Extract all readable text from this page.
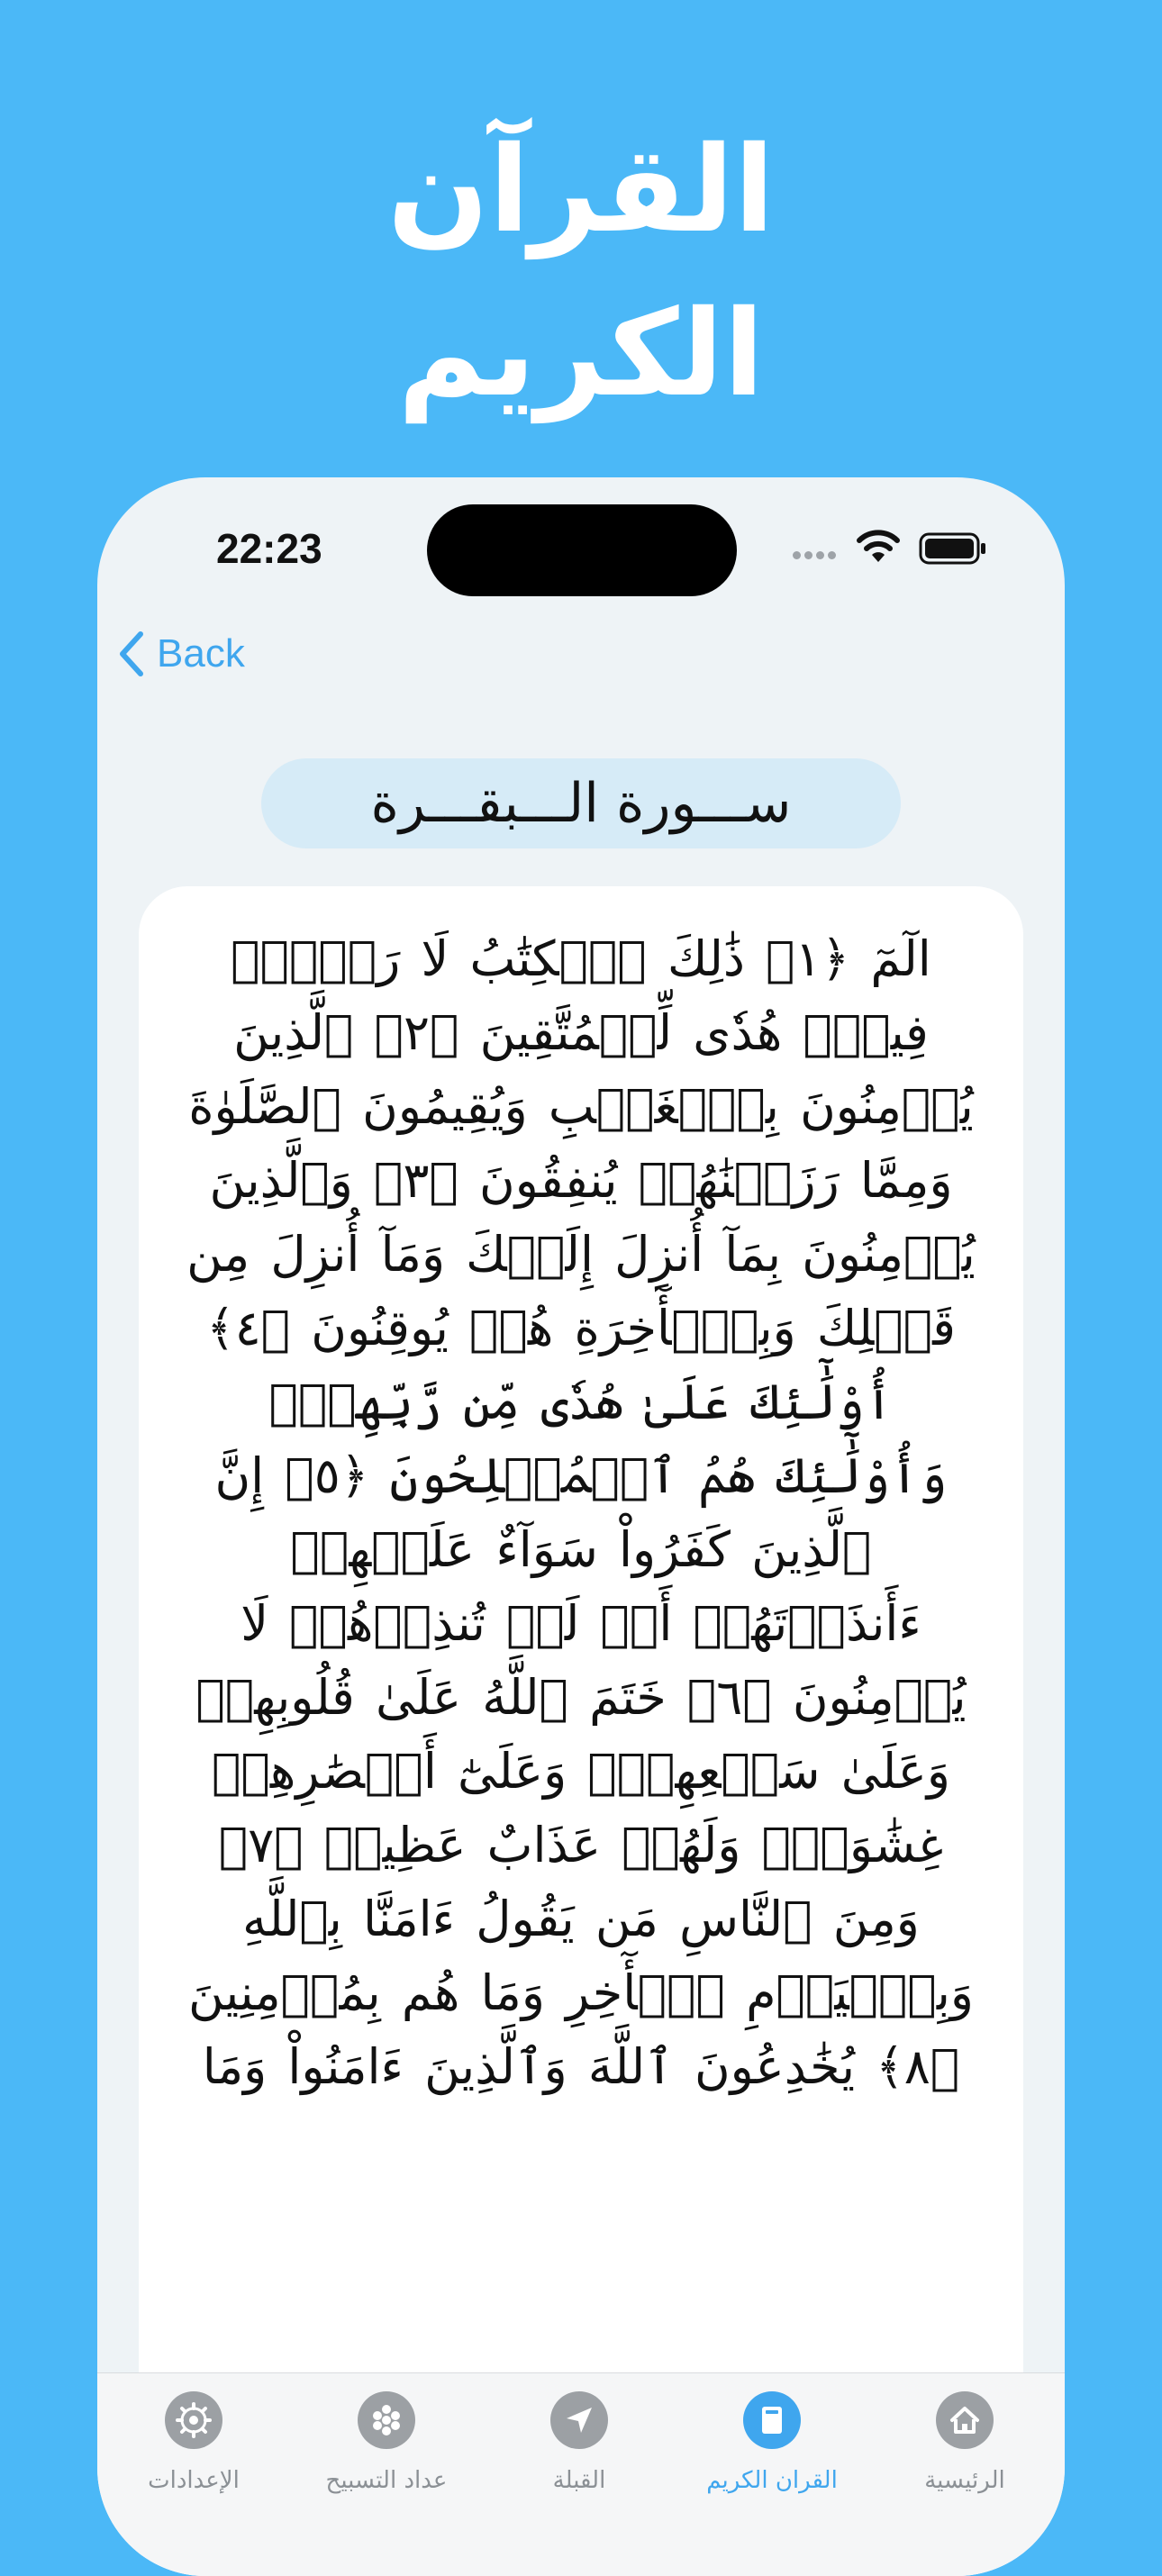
القرآن
الكريم
22:23
Back
ســـورة الـــبقـــرة
الٓمٓ ﴿١﴾ ذَٰلِكَ ٱلۡكِتَٰبُ لَا رَيۡبَۛ فِيهِۛ هُدٗى لِّلۡمُتَّقِينَ ﴿٢﴾ ٱلَّذِينَ يُؤۡمِنُونَ بِٱلۡغَيۡبِ وَيُقِيمُونَ ٱلصَّلَوٰةَ وَمِمَّا رَزَقۡنَٰهُمۡ يُنفِقُونَ ﴿٣﴾ وَٱلَّذِينَ يُؤۡمِنُونَ بِمَآ أُنزِلَ إِلَيۡكَ وَمَآ أُنزِلَ مِن قَبۡلِكَ وَبِٱلۡأٓخِرَةِ هُمۡ يُوقِنُونَ ﴿٤﴾ أُوْلَٰٓئِكَ عَلَىٰ هُدٗى مِّن رَّبِّهِمۡۖ وَأُوْلَٰٓئِكَ هُمُ ٱلۡمُفۡلِحُونَ ﴿٥﴾ إِنَّ ٱلَّذِينَ كَفَرُواْ سَوَآءٌ عَلَيۡهِمۡ ءَأَنذَرۡتَهُمۡ أَمۡ لَمۡ تُنذِرۡهُمۡ لَا يُؤۡمِنُونَ ﴿٦﴾ خَتَمَ ٱللَّهُ عَلَىٰ قُلُوبِهِمۡ وَعَلَىٰ سَمۡعِهِمۡۖ وَعَلَىٰٓ أَبۡصَٰرِهِمۡ غِشَٰوَةٞۖ وَلَهُمۡ عَذَابٌ عَظِيمٞ ﴿٧﴾ وَمِنَ ٱلنَّاسِ مَن يَقُولُ ءَامَنَّا بِٱللَّهِ وَبِٱلۡيَوۡمِ ٱلۡأٓخِرِ وَمَا هُم بِمُؤۡمِنِينَ ﴿٨﴾ يُخَٰدِعُونَ ٱللَّهَ وَٱلَّذِينَ ءَامَنُواْ وَمَا
الإعدادات	عداد التسبيح	القبلة	القران الكريم	الرئيسية
